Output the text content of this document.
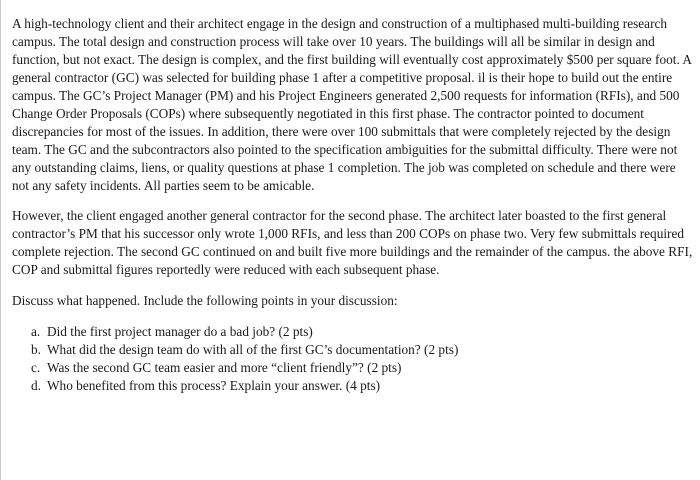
A high-technology client and their architect engage in the design and construction of a multiphased multi-building research campus. The total design and construction process will take over 10 years. The buildings will all be similar in design and function, but not exact. The design is complex, and the first building will eventually cost approximately $500 per square foot. A general contractor (GC) was selected for building phase 1 after a competitive proposal. il is their hope to build out the entire campus. The GC’s Project Manager (PM) and his Project Engineers generated 2,500 requests for information (RFIs), and 500 Change Order Proposals (COPs) where subsequently negotiated in this first phase. The contractor pointed to document discrepancies for most of the issues. In addition, there were over 100 submittals that were completely rejected by the design team. The GC and the subcontractors also pointed to the specification ambiguities for the submittal difficulty. There were not any outstanding claims, liens, or quality questions at phase 1 completion. The job was completed on schedule and there were not any safety incidents. All parties seem to be amicable.

However, the client engaged another general contractor for the second phase. The architect later boasted to the first general contractor’s PM that his successor only wrote 1,000 RFIs, and less than 200 COPs on phase two. Very few submittals required complete rejection. The second GC continued on and built five more buildings and the remainder of the campus. the above RFI, COP and submittal figures reportedly were reduced with each subsequent phase.

Discuss what happened. Include the following points in your discussion:

a. Did the first project manager do a bad job? (2 pts)
b. What did the design team do with all of the first GC’s documentation? (2 pts)
c. Was the second GC team easier and more “client friendly”? (2 pts)
d. Who benefited from this process? Explain your answer. (4 pts)
